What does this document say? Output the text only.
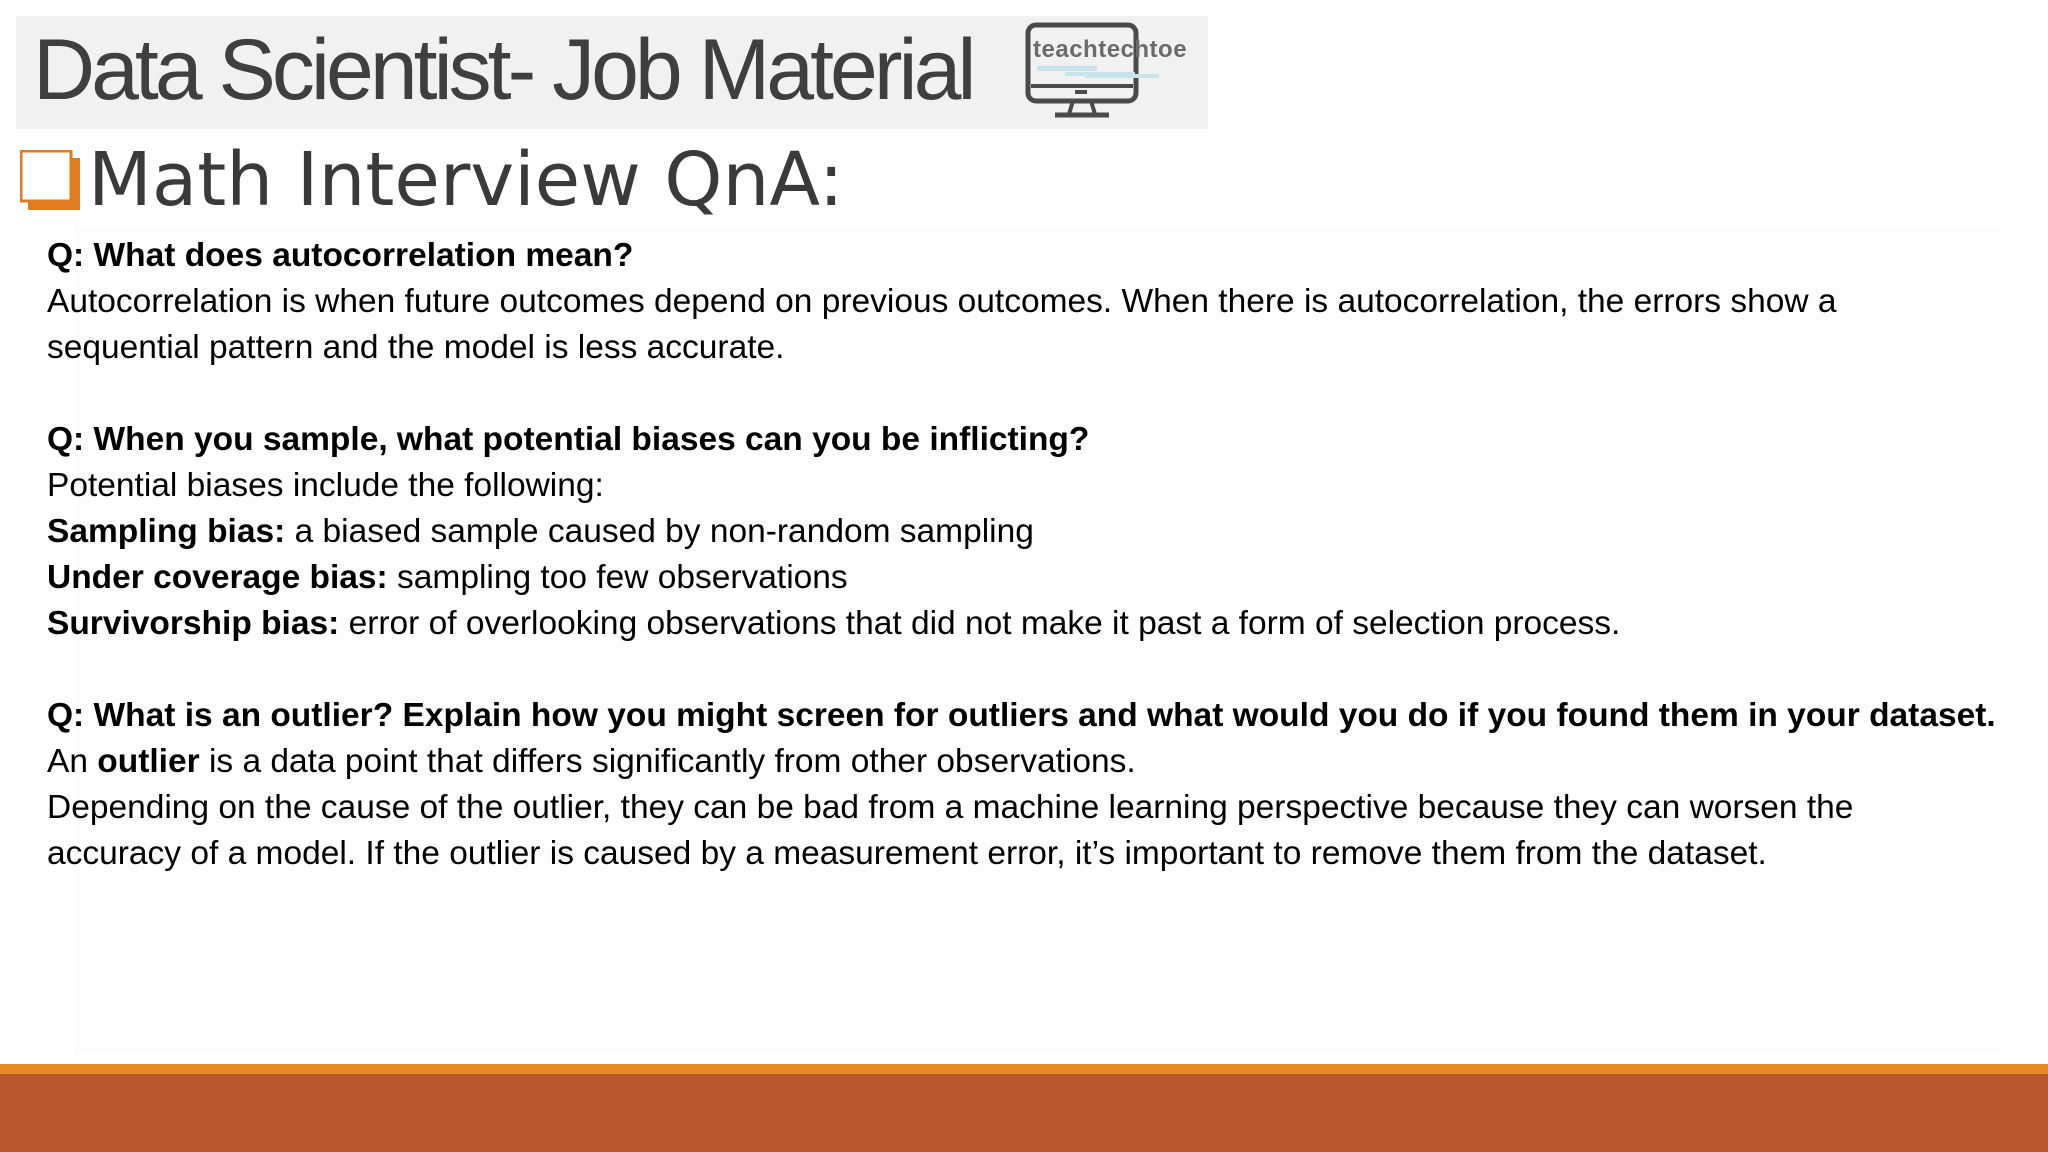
Data Scientist- Job Material	teachtechtoe
Math Interview QnA:
Q: What does autocorrelation mean?
Autocorrelation is when future outcomes depend on previous outcomes. When there is autocorrelation, the errors show a
sequential pattern and the model is less accurate.
Q: When you sample, what potential biases can you be inflicting?
Potential biases include the following:
Sampling bias: a biased sample caused by non-random sampling
Under coverage bias: sampling too few observations
Survivorship bias: error of overlooking observations that did not make it past a form of selection process.
Q: What is an outlier? Explain how you might screen for outliers and what would you do if you found them in your dataset.
An outlier is a data point that differs significantly from other observations.
Depending on the cause of the outlier, they can be bad from a machine learning perspective because they can worsen the
accuracy of a model. If the outlier is caused by a measurement error, it’s important to remove them from the dataset.
